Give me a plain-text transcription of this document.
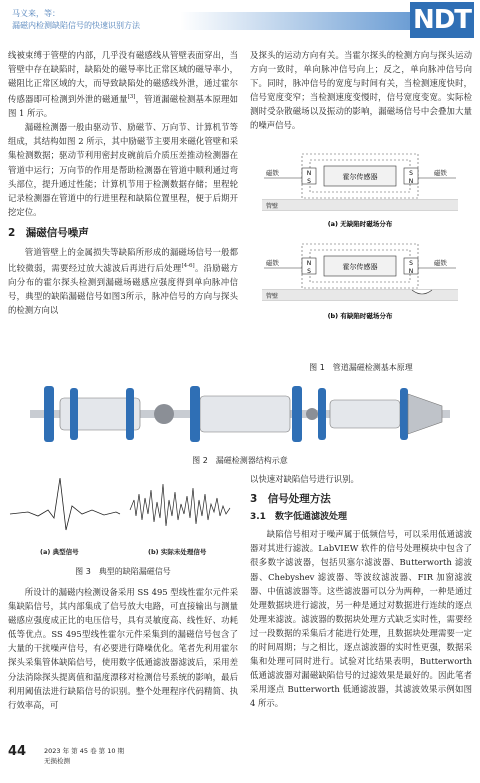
马义来，等：
漏磁内检测缺陷信号的快速识别方法	NDT

线被束缚于管壁的内部，几乎没有磁感线从管壁表面穿出，当管壁中存在缺陷时，缺陷处的磁导率比正常区域的磁导率小，磁阻比正常区域的大，而导致缺陷处的磁感线外泄，通过霍尔传感器即可检测到外泄的磁通量[3]，管道漏磁检测基本原理如图 1 所示。

漏磁检测器一般由驱动节、励磁节、万向节、计算机节等组成，其结构如图 2 所示，其中励磁节主要用来磁化管壁和采集检测数据；驱动节利用密封皮碗前后介质压差推动检测器在管道中运行；万向节的作用是帮助检测器在管道中顺利通过弯头部位，提升通过性能；计算机节用于检测数据存储；里程轮记录检测器在管道中的行进里程和缺陷位置里程，便于后期开挖定位。

2　漏磁信号噪声

管道管壁上的金属损失等缺陷所形成的漏磁场信号一般都比较微弱，需要经过放大滤波后再进行后处理[4-6]。沿励磁方向分布的霍尔探头检测到漏磁场磁感应强度得到单向脉冲信号，典型的缺陷漏磁信号如图3所示，脉冲信号的方向与探头的检测方向以

及探头的运动方向有关。当霍尔探头的检测方向与探头运动方向一致时，单向脉冲信号向上；反之，单向脉冲信号向下。同时，脉冲信号的宽度与时间有关，当检测速度快时，信号宽度变窄；当检测速度变慢时，信号宽度变宽。实际检测时受杂散磁场以及振动的影响，漏磁场信号中会叠加大量的噪声信号。

N
S
S
N
霍尔传感器
磁铁	磁铁
管壁
(a) 无缺陷时磁场分布
N
S
S
N
霍尔传感器
磁铁	磁铁
管壁
(b) 有缺陷时磁场分布
图 1　管道漏磁检测基本原理
图 2　漏磁检测器结构示意
(a) 典型信号	(b) 实际未处理信号
图 3　典型的缺陷漏磁信号

所设计的漏磁内检测设备采用 SS 495 型线性霍尔元件采集缺陷信号，其内部集成了信号放大电路，可直接输出与测量磁感应强度成正比的电压信号，具有灵敏度高、线性好、功耗低等优点。SS 495型线性霍尔元件采集到的漏磁信号包含了大量的干扰噪声信号，有必要进行降噪优化。笔者先利用霍尔探头采集管体缺陷信号，使用数字低通滤波器滤波后，采用差分法消除探头提离值和温度漂移对检测信号系统的影响，最后利用阈值法进行缺陷信号的识别。整个处理程序代码精简、执行效率高，可

以快速对缺陷信号进行识别。

3　信号处理方法
3.1　数字低通滤波处理

缺陷信号相对于噪声属于低频信号，可以采用低通滤波器对其进行滤波。LabVIEW 软件的信号处理模块中包含了很多数字滤波器，包括贝塞尔滤波器、Butterworth 滤波器、Chebyshev 滤波器、等波纹滤波器、FIR 加窗滤波器、中值滤波器等。这些滤波器可以分为两种，一种是通过处理数据块进行滤波，另一种是通过对数据进行连续的逐点处理来滤波。滤波器的数据块处理方式缺乏实时性，需要经过一段数据的采集后才能进行处理，且数据块处理需要一定的时间周期；与之相比，逐点滤波器的实时性更强，数据采集和处理可同时进行。试验对比结果表明，Butterworth 低通滤波器对漏磁缺陷信号的过滤效果是最好的。因此笔者采用逐点 Butterworth 低通滤波器，其滤波效果示例如图 4 所示。

44	2023 年 第 45 卷 第 10 期
无损检测
